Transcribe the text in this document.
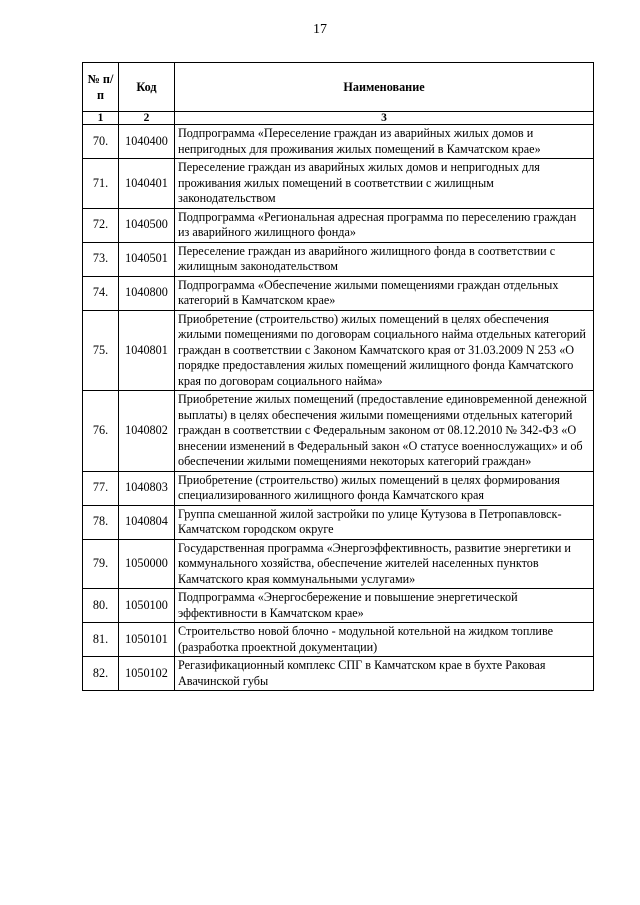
17
№ п/п	Код	Наименование
1	2	3
70.	1040400	Подпрограмма «Переселение граждан из аварийных жилых домов и непригодных для проживания жилых помещений в Камчатском крае»
71.	1040401	Переселение граждан из аварийных жилых домов и непригодных для проживания жилых помещений в соответствии с жилищным законодательством
72.	1040500	Подпрограмма «Региональная адресная программа по переселению граждан из аварийного жилищного фонда»
73.	1040501	Переселение граждан из аварийного жилищного фонда в соответствии с жилищным законодательством
74.	1040800	Подпрограмма «Обеспечение жилыми помещениями граждан отдельных категорий в Камчатском крае»
75.	1040801	Приобретение (строительство) жилых помещений в целях обеспечения жилыми помещениями по договорам социального найма отдельных категорий граждан в соответствии с Законом Камчатского края от 31.03.2009 N 253 «О порядке предоставления жилых помещений жилищного фонда Камчатского края по договорам социального найма»
76.	1040802	Приобретение жилых помещений (предоставление единовременной денежной выплаты) в целях обеспечения жилыми помещениями отдельных категорий граждан в соответствии с Федеральным законом от 08.12.2010 № 342-ФЗ «О внесении изменений в Федеральный закон «О статусе военнослужащих» и об обеспечении жилыми помещениями некоторых категорий граждан»
77.	1040803	Приобретение (строительство) жилых помещений в целях формирования специализированного жилищного фонда Камчатского края
78.	1040804	Группа смешанной жилой застройки по улице Кутузова в Петропавловск-Камчатском городском округе
79.	1050000	Государственная программа «Энергоэффективность, развитие энергетики и коммунального хозяйства, обеспечение жителей населенных пунктов Камчатского края коммунальными услугами»
80.	1050100	Подпрограмма «Энергосбережение и повышение энергетической эффективности в Камчатском крае»
81.	1050101	Строительство новой блочно - модульной котельной на жидком топливе (разработка проектной документации)
82.	1050102	Регазификационный комплекс СПГ в Камчатском крае в бухте Раковая Авачинской губы
